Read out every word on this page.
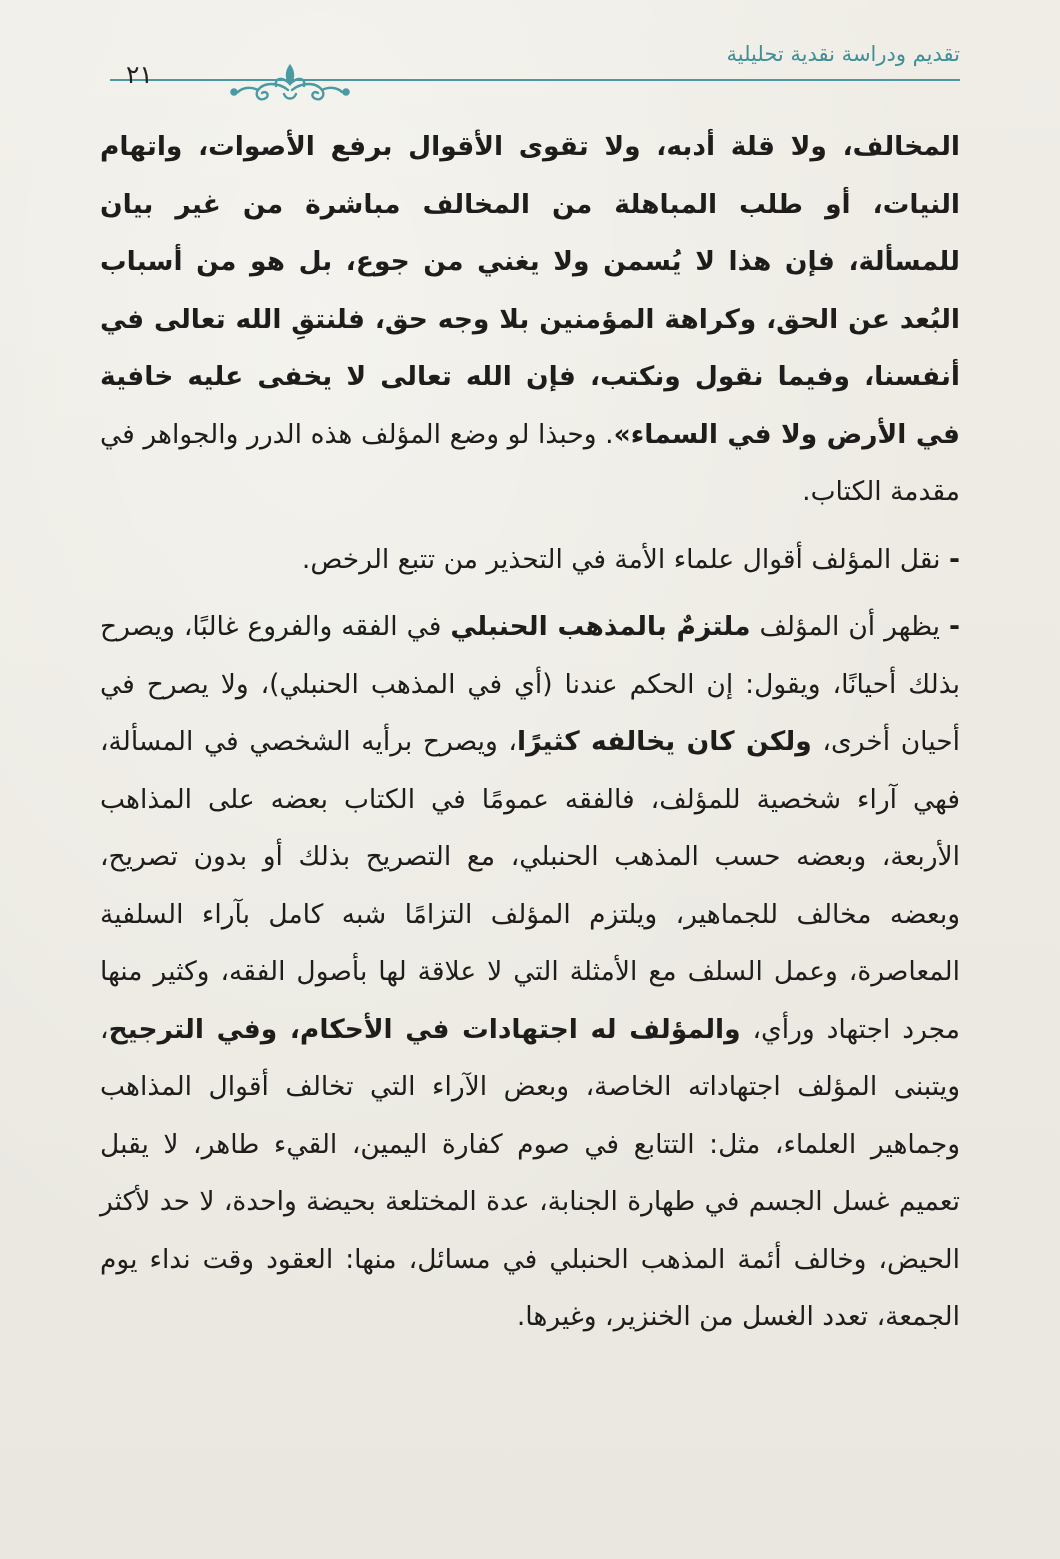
تقديم ودراسة نقدية تحليلية
٢١

المخالف، ولا قلة أدبه، ولا تقوى الأقوال برفع الأصوات، واتهام النيات، أو طلب المباهلة من المخالف مباشرة من غير بيان للمسألة، فإن هذا لا يُسمن ولا يغني من جوع، بل هو من أسباب البُعد عن الحق، وكراهة المؤمنين بلا وجه حق، فلنتقِ الله تعالى في أنفسنا، وفيما نقول ونكتب، فإن الله تعالى لا يخفى عليه خافية في الأرض ولا في السماء». وحبذا لو وضع المؤلف هذه الدرر والجواهر في مقدمة الكتاب.

- نقل المؤلف أقوال علماء الأمة في التحذير من تتبع الرخص.

- يظهر أن المؤلف ملتزمٌ بالمذهب الحنبلي في الفقه والفروع غالبًا، ويصرح بذلك أحيانًا، ويقول: إن الحكم عندنا (أي في المذهب الحنبلي)، ولا يصرح في أحيان أخرى، ولكن كان يخالفه كثيرًا، ويصرح برأيه الشخصي في المسألة، فهي آراء شخصية للمؤلف، فالفقه عمومًا في الكتاب بعضه على المذاهب الأربعة، وبعضه حسب المذهب الحنبلي، مع التصريح بذلك أو بدون تصريح، وبعضه مخالف للجماهير، ويلتزم المؤلف التزامًا شبه كامل بآراء السلفية المعاصرة، وعمل السلف مع الأمثلة التي لا علاقة لها بأصول الفقه، وكثير منها مجرد اجتهاد ورأي، والمؤلف له اجتهادات في الأحكام، وفي الترجيح، ويتبنى المؤلف اجتهاداته الخاصة، وبعض الآراء التي تخالف أقوال المذاهب وجماهير العلماء، مثل: التتابع في صوم كفارة اليمين، القيء طاهر، لا يقبل تعميم غسل الجسم في طهارة الجنابة، عدة المختلعة بحيضة واحدة، لا حد لأكثر الحيض، وخالف أئمة المذهب الحنبلي في مسائل، منها: العقود وقت نداء يوم الجمعة، تعدد الغسل من الخنزير، وغيرها.
